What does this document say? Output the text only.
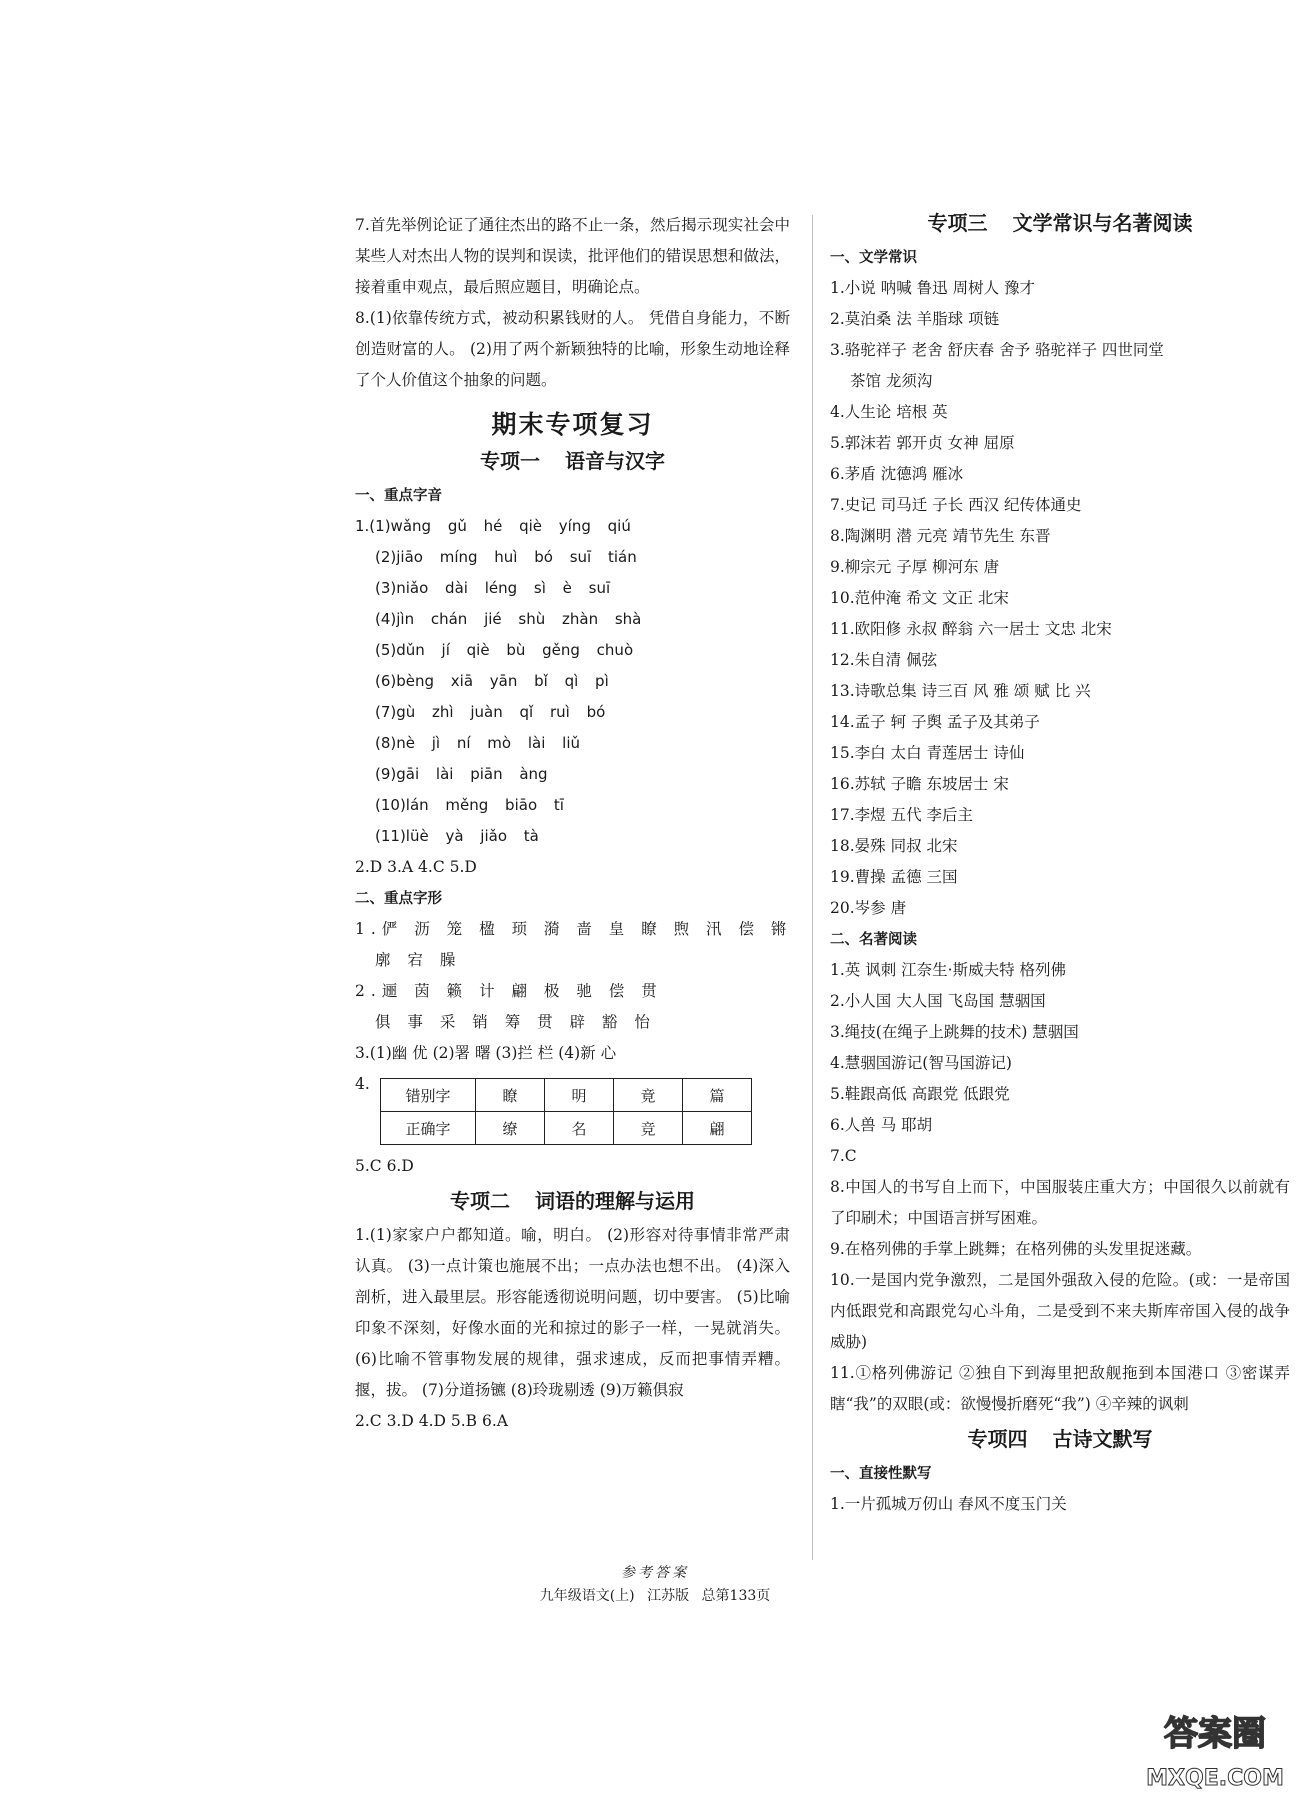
7.首先举例论证了通往杰出的路不止一条，然后揭示现实社会中某些人对杰出人物的误判和误读，批评他们的错误思想和做法，接着重申观点，最后照应题目，明确论点。
8.(1)依靠传统方式，被动积累钱财的人。 凭借自身能力，不断创造财富的人。 (2)用了两个新颖独特的比喻，形象生动地诠释了个人价值这个抽象的问题。
期末专项复习
专项一 语音与汉字
一、重点字音
1.(1)wǎng gǔ hé qiè yíng qiú
(2)jiāo míng huì bó suī tián
(3)niǎo dài léng sì è suī
(4)jìn chán jié shù zhàn shà
(5)dǔn jí qiè bù gěng chuò
(6)bèng xiā yān bǐ qì pì
(7)gù zhì juàn qǐ ruì bó
(8)nè jì ní mò lài liǔ
(9)gāi lài piān àng
(10)lán měng biāo tī
(11)lüè yà jiǎo tà
2.D 3.A 4.C 5.D
二、重点字形
1.俨 沥 笼 楹 顼 漪 啬 皇 瞭 煦 汛 偿 锵
廓 宕 臊
2.逦 茵 籁 计 翩 极 驰 偿 贯
俱 事 采 销 筹 贯 辟 豁 怡
3.(1)幽 优 (2)署 曙 (3)拦 栏 (4)新 心
4.
错别字	瞭	明	竟	篇
正确字	缭	名	竞	翩
5.C 6.D
专项二 词语的理解与运用
1.(1)家家户户都知道。喻，明白。 (2)形容对待事情非常严肃认真。 (3)一点计策也施展不出；一点办法也想不出。 (4)深入剖析，进入最里层。形容能透彻说明问题，切中要害。 (5)比喻印象不深刻，好像水面的光和掠过的影子一样，一晃就消失。 (6)比喻不管事物发展的规律，强求速成，反而把事情弄糟。揠，拔。 (7)分道扬镳 (8)玲珑剔透 (9)万籁俱寂
2.C 3.D 4.D 5.B 6.A
专项三 文学常识与名著阅读
一、文学常识
1.小说 呐喊 鲁迅 周树人 豫才
2.莫泊桑 法 羊脂球 项链
3.骆驼祥子 老舍 舒庆春 舍予 骆驼祥子 四世同堂
茶馆 龙须沟
4.人生论 培根 英
5.郭沫若 郭开贞 女神 屈原
6.茅盾 沈德鸿 雁冰
7.史记 司马迁 子长 西汉 纪传体通史
8.陶渊明 潜 元亮 靖节先生 东晋
9.柳宗元 子厚 柳河东 唐
10.范仲淹 希文 文正 北宋
11.欧阳修 永叔 醉翁 六一居士 文忠 北宋
12.朱自清 佩弦
13.诗歌总集 诗三百 风 雅 颂 赋 比 兴
14.孟子 轲 子舆 孟子及其弟子
15.李白 太白 青莲居士 诗仙
16.苏轼 子瞻 东坡居士 宋
17.李煜 五代 李后主
18.晏殊 同叔 北宋
19.曹操 孟德 三国
20.岑参 唐
二、名著阅读
1.英 讽刺 江奈生·斯威夫特 格列佛
2.小人国 大人国 飞岛国 慧骃国
3.绳技(在绳子上跳舞的技术) 慧骃国
4.慧骃国游记(智马国游记)
5.鞋跟高低 高跟党 低跟党
6.人兽 马 耶胡
7.C
8.中国人的书写自上而下，中国服装庄重大方；中国很久以前就有了印刷术；中国语言拼写困难。
9.在格列佛的手掌上跳舞；在格列佛的头发里捉迷藏。
10.一是国内党争激烈，二是国外强敌入侵的危险。(或：一是帝国内低跟党和高跟党勾心斗角，二是受到不来夫斯库帝国入侵的战争威胁)
11.①格列佛游记 ②独自下到海里把敌舰拖到本国港口 ③密谋弄瞎“我”的双眼(或：欲慢慢折磨死“我”) ④辛辣的讽刺
专项四 古诗文默写
一、直接性默写
1.一片孤城万仞山 春风不度玉门关
参考答案
九年级语文(上) 江苏版 总第133页
答案圈
MXQE.COM
